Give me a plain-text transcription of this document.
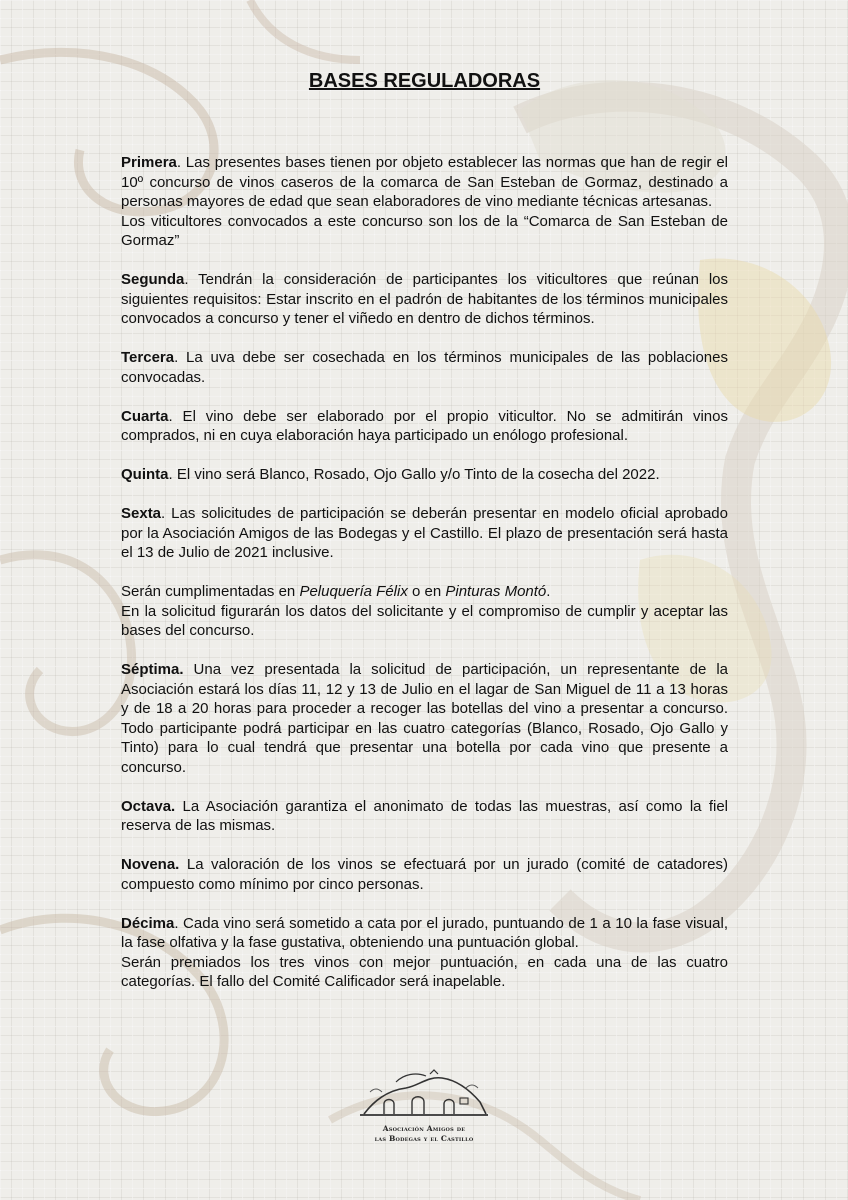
BASES REGULADORAS

Primera. Las presentes bases tienen por objeto establecer las normas que han de regir el 10º concurso de vinos caseros de la comarca de San Esteban de Gormaz, destinado a personas mayores de edad que sean elaboradores de vino mediante técnicas artesanas.

Los viticultores convocados a este concurso son los de la “Comarca de San Esteban de Gormaz”

Segunda. Tendrán la consideración de participantes los viticultores que reúnan los siguientes requisitos: Estar inscrito en el padrón de habitantes de los términos municipales convocados a concurso y tener el viñedo en dentro de dichos términos.

Tercera. La uva debe ser cosechada en los términos municipales de las poblaciones convocadas.

Cuarta. El vino debe ser elaborado por el propio viticultor. No se admitirán vinos comprados, ni en cuya elaboración haya participado un enólogo profesional.

Quinta. El vino será Blanco, Rosado, Ojo Gallo y/o Tinto de la cosecha del 2022.

Sexta. Las solicitudes de participación se deberán presentar en modelo oficial aprobado por la Asociación Amigos de las Bodegas y el Castillo. El plazo de presentación será hasta el 13 de Julio de 2021 inclusive.

Serán cumplimentadas en Peluquería Félix o en Pinturas Montó.

En la solicitud figurarán los datos del solicitante y el compromiso de cumplir y aceptar las bases del concurso.

Séptima. Una vez presentada la solicitud de participación, un representante de la Asociación estará los días 11, 12 y 13 de Julio en el lagar de San Miguel de 11 a 13 horas y de 18 a 20 horas para proceder a recoger las botellas del vino a presentar a concurso. Todo participante podrá participar en las cuatro categorías (Blanco, Rosado, Ojo Gallo y Tinto) para lo cual tendrá que presentar una botella por cada vino que presente a concurso.

Octava. La Asociación garantiza el anonimato de todas las muestras, así como la fiel reserva de las mismas.

Novena. La valoración de los vinos se efectuará por un jurado (comité de catadores) compuesto como mínimo por cinco personas.

Décima. Cada vino será sometido a cata por el jurado, puntuando de 1 a 10 la fase visual, la fase olfativa y la fase gustativa, obteniendo una puntuación global.

Serán premiados los tres vinos con mejor puntuación, en cada una de las cuatro categorías. El fallo del Comité Calificador será inapelable.

Asociación Amigos de
las Bodegas y el Castillo
